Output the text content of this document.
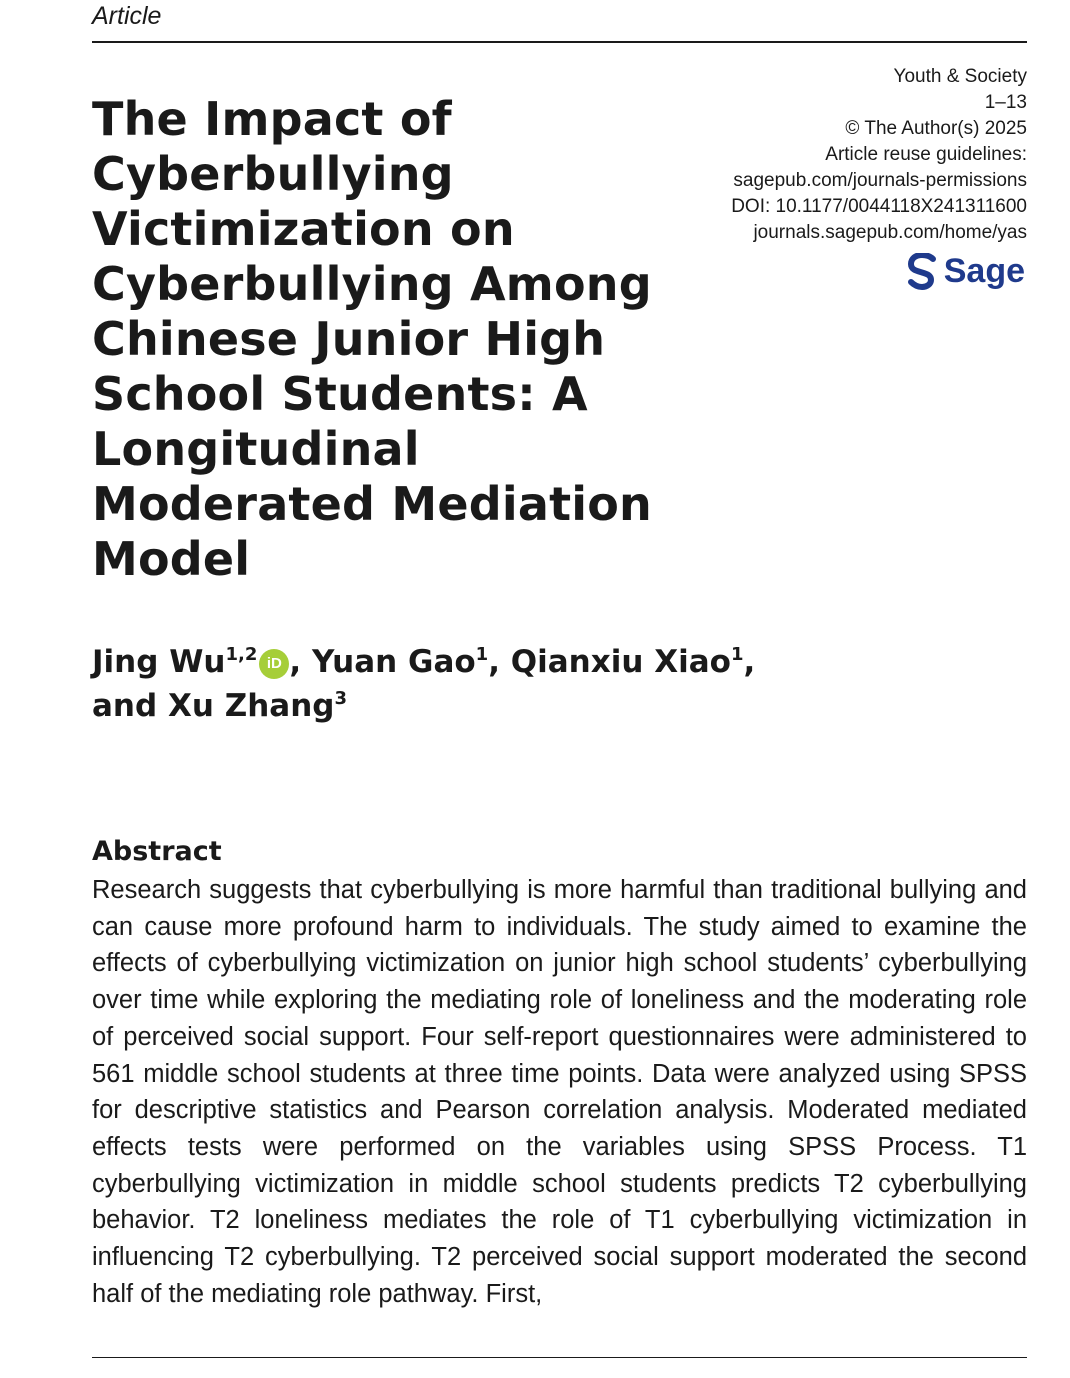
Article
Youth & Society
1–13
© The Author(s) 2025
Article reuse guidelines:
sagepub.com/journals-permissions
DOI: 10.1177/0044118X241311600
journals.sagepub.com/home/yas
Sage
The Impact of Cyberbullying Victimization on Cyberbullying Among Chinese Junior High School Students: A Longitudinal Moderated Mediation Model
Jing Wu$^{1,2}$ iD , Yuan Gao$^1$, Qianxiu Xiao$^1$,
and Xu Zhang$^3$
Abstract

Research suggests that cyberbullying is more harmful than traditional bullying and can cause more profound harm to individuals. The study aimed to examine the effects of cyberbullying victimization on junior high school students’ cyberbullying over time while exploring the mediating role of loneliness and the moderating role of perceived social support. Four self-report questionnaires were administered to 561 middle school students at three time points. Data were analyzed using SPSS for descriptive statistics and Pearson correlation analysis. Moderated mediated effects tests were performed on the variables using SPSS Process. T1 cyberbullying victimization in middle school students predicts T2 cyberbullying behavior. T2 loneliness mediates the role of T1 cyberbullying victimization in influencing T2 cyberbullying. T2 perceived social support moderated the second half of the mediating role pathway. First,
